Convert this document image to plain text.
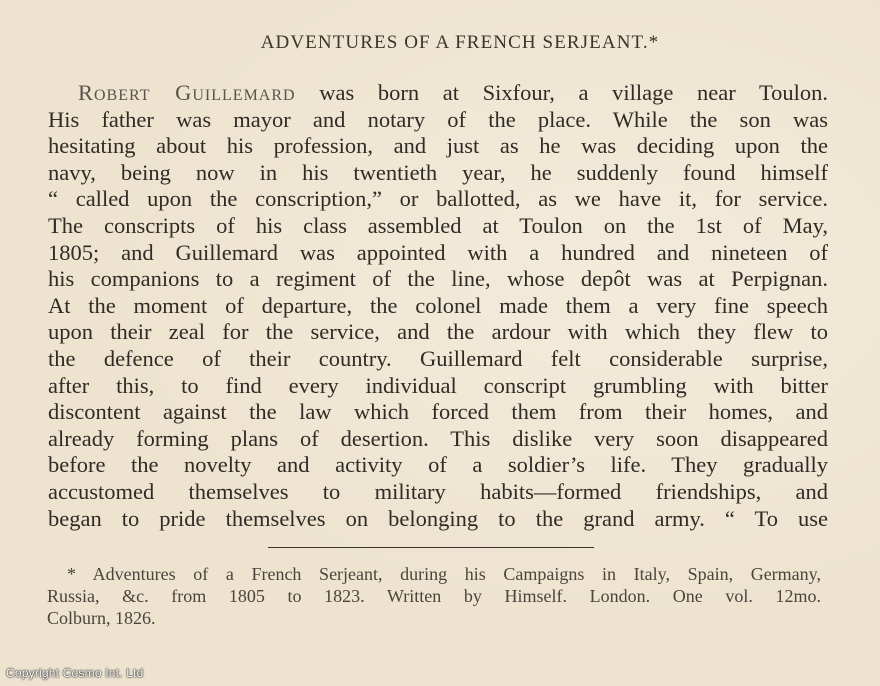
ADVENTURES OF A FRENCH SERJEANT.*
Robert Guillemard was born at Sixfour, a village near Toulon.
His father was mayor and notary of the place. While the son was
hesitating about his profession, and just as he was deciding upon the
navy, being now in his twentieth year, he suddenly found himself
“ called upon the conscription,” or ballotted, as we have it, for service.
The conscripts of his class assembled at Toulon on the 1st of May,
1805; and Guillemard was appointed with a hundred and nineteen of
his companions to a regiment of the line, whose depôt was at Perpignan.
At the moment of departure, the colonel made them a very fine speech
upon their zeal for the service, and the ardour with which they flew to
the defence of their country. Guillemard felt considerable surprise,
after this, to find every individual conscript grumbling with bitter
discontent against the law which forced them from their homes, and
already forming plans of desertion. This dislike very soon disappeared
before the novelty and activity of a soldier’s life. They gradually
accustomed themselves to military habits—formed friendships, and
began to pride themselves on belonging to the grand army. “ To use
* Adventures of a French Serjeant, during his Campaigns in Italy, Spain, Germany,
Russia, &c. from 1805 to 1823. Written by Himself. London. One vol. 12mo.
Colburn, 1826.
Copyright Cosmo Int. Ltd
